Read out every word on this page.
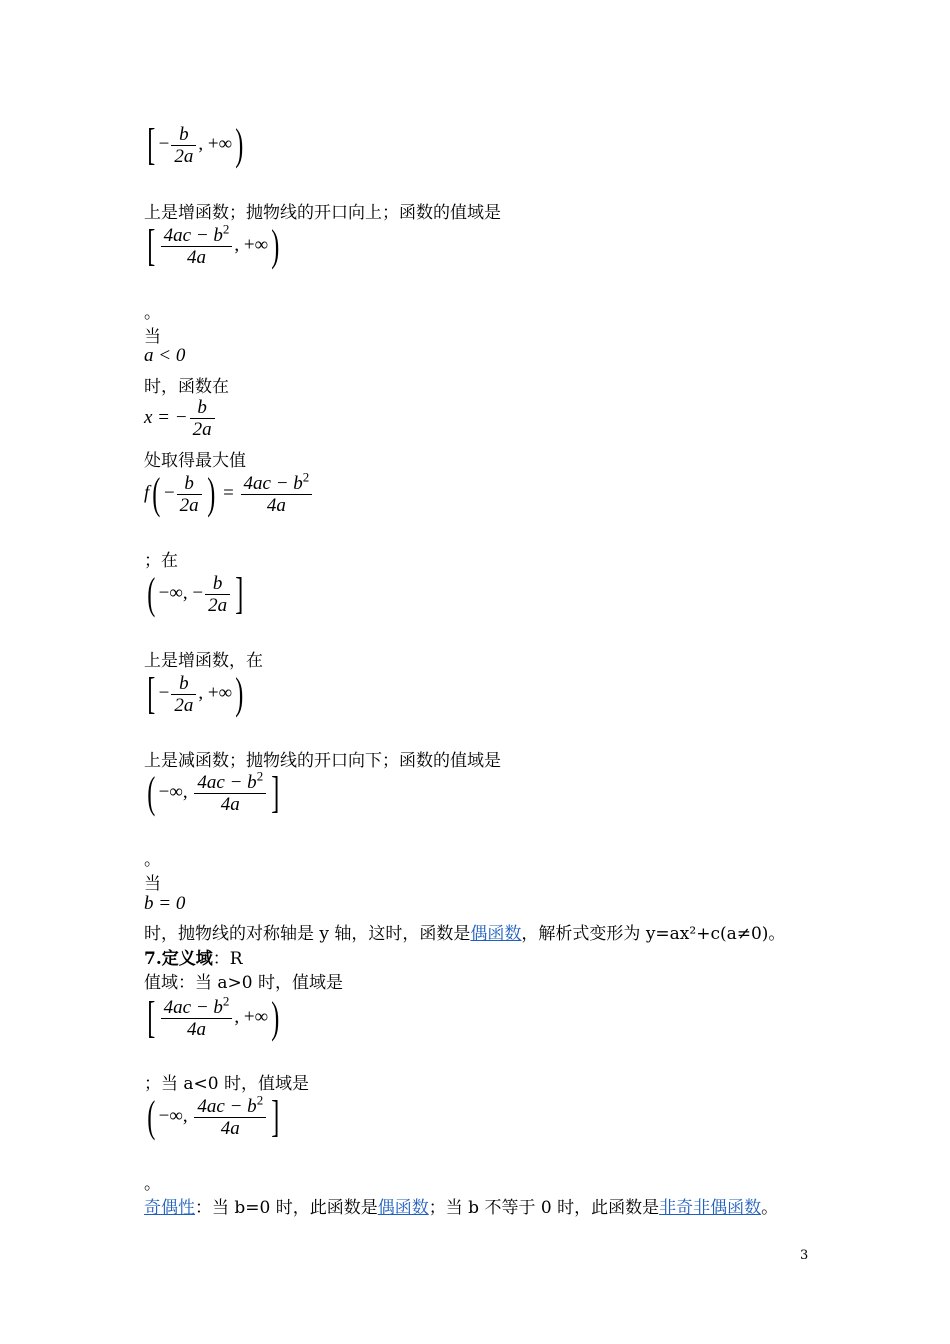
[ − $\frac{b}{2a}$ , +∞)
上是增函数；抛物线的开口向上；函数的值域是
[ $\frac{4ac - b^2}{4a}$ , +∞)
。
当
a < 0
时，函数在
x = − $\frac{b}{2a}$
处取得最大值
$f( - \frac{b}{2a}$ ) = $\frac{4ac - b^2}{4a}$
；在
( −∞, − $\frac{b}{2a}$ ]
上是增函数，在
[ − $\frac{b}{2a}$ , +∞)
上是减函数；抛物线的开口向下；函数的值域是
( −∞, $\frac{4ac - b^2}{4a}$ ]
。
当
b = 0
时，抛物线的对称轴是 y 轴，这时，函数是偶函数，解析式变形为 y=ax²+c(a≠0)。
7.定义域：R
值域：当 a>0 时，值域是
[ $\frac{4ac - b^2}{4a}$ , +∞)
；当 a<0 时，值域是
( −∞, $\frac{4ac - b^2}{4a}$ ]
。
奇偶性：当 b=0 时，此函数是偶函数；当 b 不等于 0 时，此函数是非奇非偶函数。
3
